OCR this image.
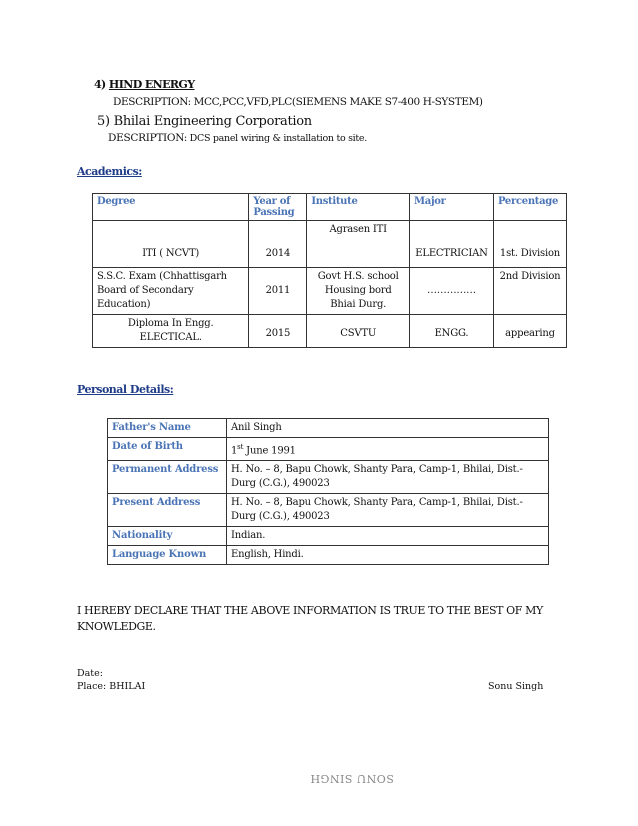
4) HIND ENERGY
DESCRIPTION: MCC,PCC,VFD,PLC(SIEMENS MAKE S7-400 H-SYSTEM)
5) Bhilai Engineering Corporation
DESCRIPTION: DCS panel wiring & installation to site.
Academics:
Degree	Year of Passing	Institute	Major	Percentage
ITI ( NCVT)	2014	Agrasen ITI	ELECTRICIAN	1st. Division
S.S.C. Exam (Chhattisgarh Board of Secondary Education)	2011	Govt H.S. school Housing bord Bhiai Durg.	……………	2nd Division
Diploma In Engg. ELECTICAL.	2015	CSVTU	ENGG.	appearing
Personal Details:
Father's Name	Anil Singh
Date of Birth	1st June 1991
Permanent Address	H. No. – 8, Bapu Chowk, Shanty Para, Camp-1, Bhilai, Dist.-Durg (C.G.), 490023
Present Address	H. No. – 8, Bapu Chowk, Shanty Para, Camp-1, Bhilai, Dist.-Durg (C.G.), 490023
Nationality	Indian.
Language Known	English, Hindi.
I HEREBY DECLARE THAT THE ABOVE INFORMATION IS TRUE TO THE BEST OF MY KNOWLEDGE.
Date:
Place: BHILAI	Sonu Singh
SONU SINGH
